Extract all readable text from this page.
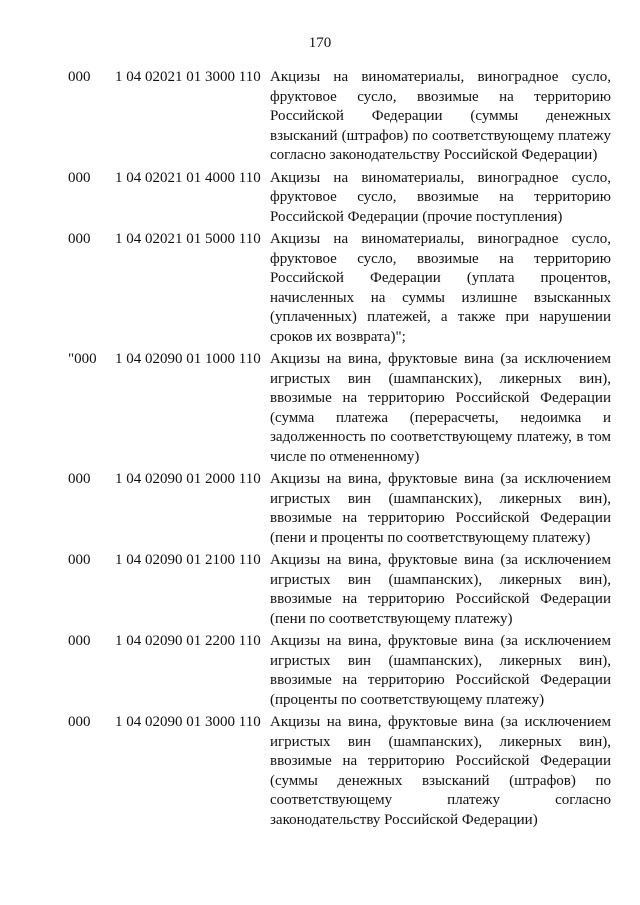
170
000 1 04 02021 01 3000 110 Акцизы на виноматериалы, виноградное сусло,
фруктовое сусло, ввозимые на территорию
Российской Федерации (суммы денежных
взысканий (штрафов) по соответствующему платежу
согласно законодательству Российской Федерации)
000 1 04 02021 01 4000 110 Акцизы на виноматериалы, виноградное сусло,
фруктовое сусло, ввозимые на территорию
Российской Федерации (прочие поступления)
000 1 04 02021 01 5000 110 Акцизы на виноматериалы, виноградное сусло,
фруктовое сусло, ввозимые на территорию
Российской Федерации (уплата процентов,
начисленных на суммы излишне взысканных
(уплаченных) платежей, а также при нарушении
сроков их возврата)";
"000 1 04 02090 01 1000 110 Акцизы на вина, фруктовые вина (за исключением
игристых вин (шампанских), ликерных вин),
ввозимые на территорию Российской Федерации
(сумма платежа (перерасчеты, недоимка и
задолженность по соответствующему платежу, в том
числе по отмененному)
000 1 04 02090 01 2000 110 Акцизы на вина, фруктовые вина (за исключением
игристых вин (шампанских), ликерных вин),
ввозимые на территорию Российской Федерации
(пени и проценты по соответствующему платежу)
000 1 04 02090 01 2100 110 Акцизы на вина, фруктовые вина (за исключением
игристых вин (шампанских), ликерных вин),
ввозимые на территорию Российской Федерации
(пени по соответствующему платежу)
000 1 04 02090 01 2200 110 Акцизы на вина, фруктовые вина (за исключением
игристых вин (шампанских), ликерных вин),
ввозимые на территорию Российской Федерации
(проценты по соответствующему платежу)
000 1 04 02090 01 3000 110 Акцизы на вина, фруктовые вина (за исключением
игристых вин (шампанских), ликерных вин),
ввозимые на территорию Российской Федерации
(суммы денежных взысканий (штрафов) по
соответствующему платежу согласно
законодательству Российской Федерации)
